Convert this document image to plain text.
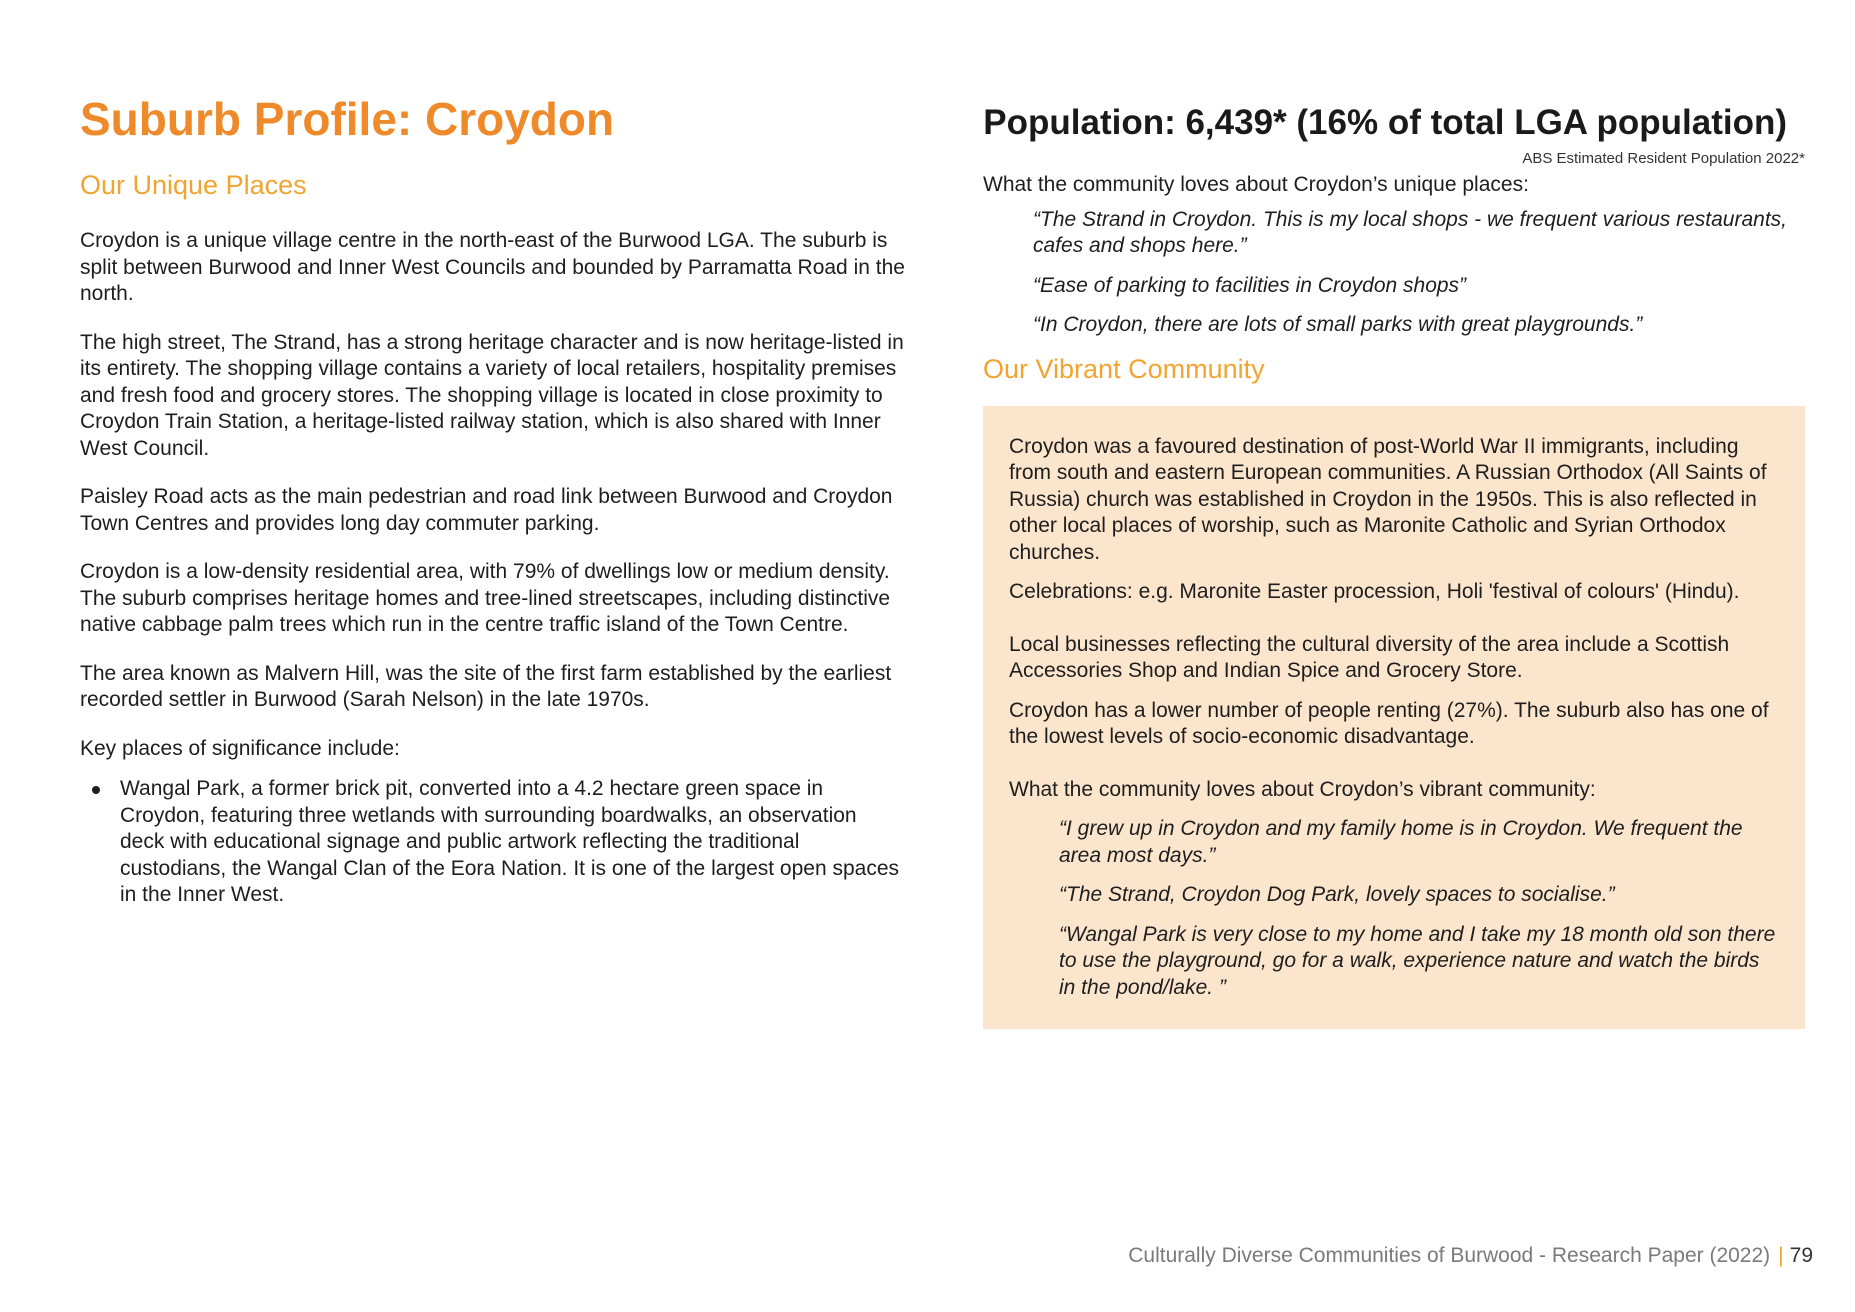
Suburb Profile: Croydon
Our Unique Places

Croydon is a unique village centre in the north-east of the Burwood LGA. The suburb is split between Burwood and Inner West Councils and bounded by Parramatta Road in the north.

The high street, The Strand, has a strong heritage character and is now heritage-listed in its entirety. The shopping village contains a variety of local retailers, hospitality premises and fresh food and grocery stores. The shopping village is located in close proximity to Croydon Train Station, a heritage-listed railway station, which is also shared with Inner West Council.

Paisley Road acts as the main pedestrian and road link between Burwood and Croydon Town Centres and provides long day commuter parking.

Croydon is a low-density residential area, with 79% of dwellings low or medium density. The suburb comprises heritage homes and tree-lined streetscapes, including distinctive native cabbage palm trees which run in the centre traffic island of the Town Centre.

The area known as Malvern Hill, was the site of the first farm established by the earliest recorded settler in Burwood (Sarah Nelson) in the late 1970s.

Key places of significance include:

Wangal Park, a former brick pit, converted into a 4.2 hectare green space in Croydon, featuring three wetlands with surrounding boardwalks, an observation deck with educational signage and public artwork reflecting the traditional custodians, the Wangal Clan of the Eora Nation. It is one of the largest open spaces in the Inner West.
Population: 6,439* (16% of total LGA population)
ABS Estimated Resident Population 2022*

What the community loves about Croydon’s unique places:

“The Strand in Croydon. This is my local shops - we frequent various restaurants, cafes and shops here.”

“Ease of parking to facilities in Croydon shops”

“In Croydon, there are lots of small parks with great playgrounds.”

Our Vibrant Community

Croydon was a favoured destination of post-World War II immigrants, including from south and eastern European communities. A Russian Orthodox (All Saints of Russia) church was established in Croydon in the 1950s. This is also reflected in other local places of worship, such as Maronite Catholic and Syrian Orthodox churches.

Celebrations: e.g. Maronite Easter procession, Holi 'festival of colours' (Hindu).

Local businesses reflecting the cultural diversity of the area include a Scottish Accessories Shop and Indian Spice and Grocery Store.

Croydon has a lower number of people renting (27%). The suburb also has one of the lowest levels of socio-economic disadvantage.

What the community loves about Croydon’s vibrant community:

“I grew up in Croydon and my family home is in Croydon. We frequent the area most days.”

“The Strand, Croydon Dog Park, lovely spaces to socialise.”

“Wangal Park is very close to my home and I take my 18 month old son there to use the playground, go for a walk, experience nature and watch the birds in the pond/lake. ”

Culturally Diverse Communities of Burwood - Research Paper (2022) | 79
